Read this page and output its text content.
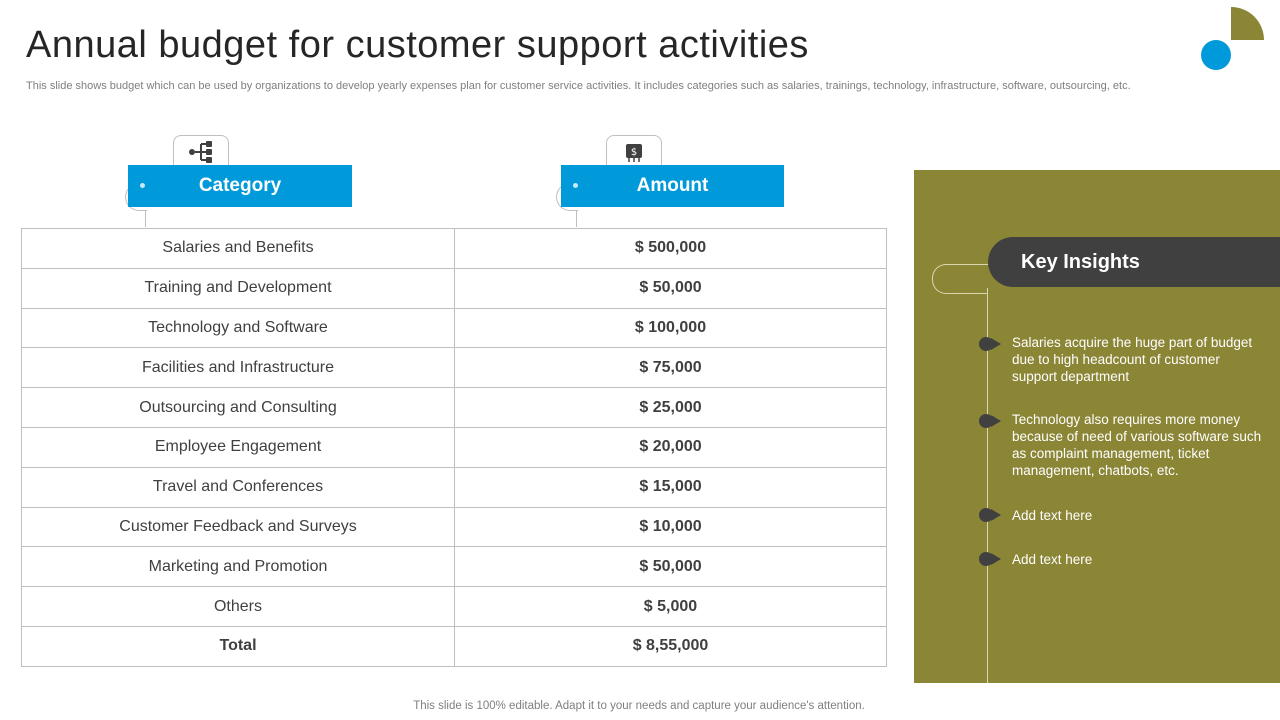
Annual budget for customer support activities

This slide shows budget which can be used by organizations to develop yearly expenses plan for customer service activities. It includes categories such as salaries, trainings, technology, infrastructure, software, outsourcing, etc.

Category
$
Amount
Salaries and Benefits	$ 500,000
Training and Development	$ 50,000
Technology and Software	$ 100,000
Facilities and Infrastructure	$ 75,000
Outsourcing and Consulting	$ 25,000
Employee Engagement	$ 20,000
Travel and Conferences	$ 15,000
Customer Feedback and Surveys	$ 10,000
Marketing and Promotion	$ 50,000
Others	$ 5,000
Total	$ 8,55,000
Key Insights
Salaries acquire the huge part of budget due to high headcount of customer support department
Technology also requires more money because of need of various software such as complaint management, ticket management, chatbots, etc.
Add text here
Add text here
This slide is 100% editable. Adapt it to your needs and capture your audience's attention.
